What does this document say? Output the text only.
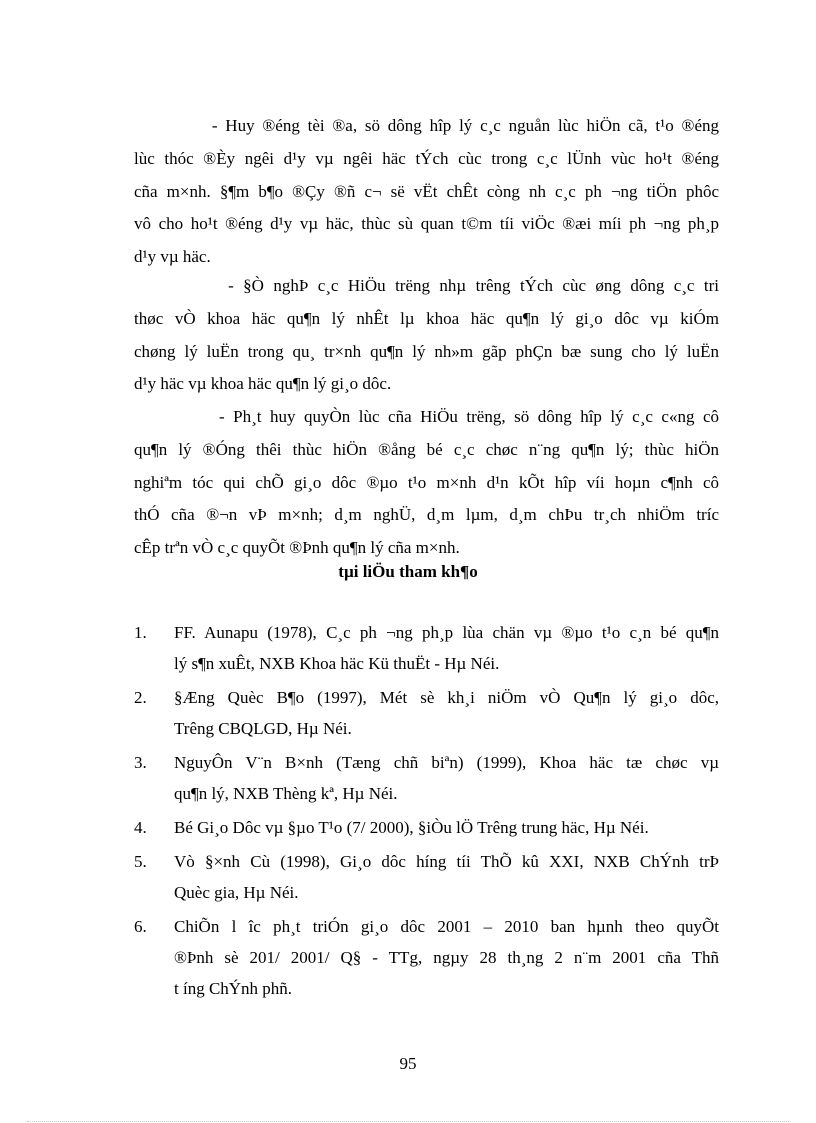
- Huy ®éng tèi ®a, sö dông hîp lý c¸c nguån lùc hiÖn cã, t¹o ®éng
lùc thóc ®Èy ngêi d¹y vµ ngêi häc tÝch cùc trong c¸c lÜnh vùc ho¹t ®éng
cña m×nh. §¶m b¶o ®Çy ®ñ c¬ së vËt chÊt còng nh c¸c ph ¬ng tiÖn phôc
vô cho ho¹t ®éng d¹y vµ häc, thùc sù quan t©m tíi viÖc ®æi míi ph ¬ng ph¸p
d¹y vµ häc.
- §Ò nghÞ c¸c HiÖu trëng nhµ trêng tÝch cùc øng dông c¸c tri
thøc vÒ khoa häc qu¶n lý nhÊt lµ khoa häc qu¶n lý gi¸o dôc vµ kiÓm
chøng lý luËn trong qu¸ tr×nh qu¶n lý nh»m gãp phÇn bæ sung cho lý luËn
d¹y häc vµ khoa häc qu¶n lý gi¸o dôc.
- Ph¸t huy quyÒn lùc cña HiÖu trëng, sö dông hîp lý c¸c c«ng cô
qu¶n lý ®Óng thêi thùc hiÖn ®ång bé c¸c chøc n¨ng qu¶n lý; thùc hiÖn
nghiªm tóc qui chÕ gi¸o dôc ®µo t¹o m×nh d¹n kÕt hîp víi hoµn c¶nh cô
thÓ cña ®¬n vÞ m×nh; d¸m nghÜ, d¸m lµm, d¸m chÞu tr¸ch nhiÖm tríc
cÊp trªn vÒ c¸c quyÕt ®Þnh qu¶n lý cña m×nh.
tµi liÖu tham kh¶o
1. FF. Aunapu (1978), C¸c ph ¬ng ph¸p lùa chän vµ ®µo t¹o c¸n bé qu¶n
lý s¶n xuÊt, NXB Khoa häc Kü thuËt - Hµ Néi.
2. §Æng Quèc B¶o (1997), Mét sè kh¸i niÖm vÒ Qu¶n lý gi¸o dôc,
Trêng CBQLGD, Hµ Néi.
3. NguyÔn V¨n B×nh (Tæng chñ biªn) (1999), Khoa häc tæ chøc vµ
qu¶n lý, NXB Thèng kª, Hµ Néi.
4. Bé Gi¸o Dôc vµ §µo T¹o (7/ 2000), §iÒu lÖ Trêng trung häc, Hµ Néi.
5. Vò §×nh Cù (1998), Gi¸o dôc híng tíi ThÕ kû XXI, NXB ChÝnh trÞ
Quèc gia, Hµ Néi.
6. ChiÕn l îc ph¸t triÓn gi¸o dôc 2001 – 2010 ban hµnh theo quyÕt
®Þnh sè 201/ 2001/ Q§ - TTg, ngµy 28 th¸ng 2 n¨m 2001 cña Thñ
t íng ChÝnh phñ.
95
